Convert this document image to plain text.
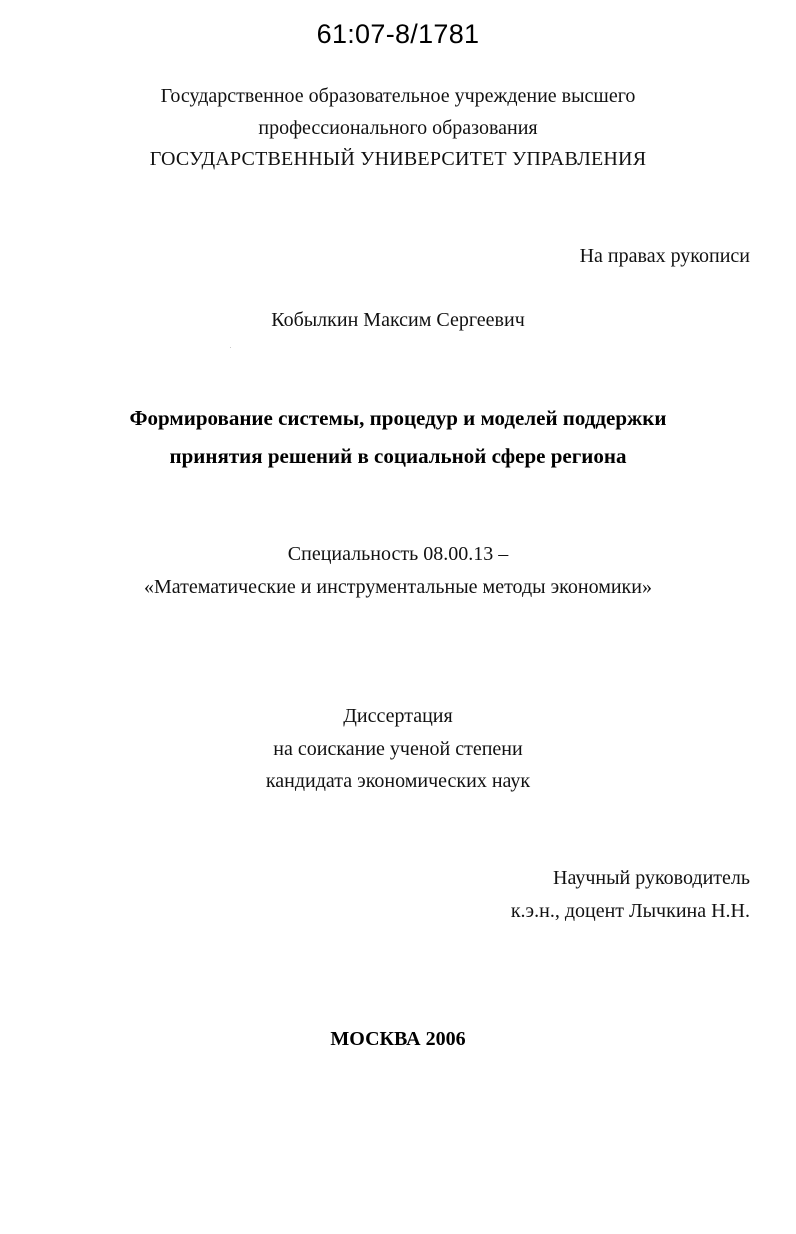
61:07-8/1781
Государственное образовательное учреждение высшего
профессионального образования
ГОСУДАРСТВЕННЫЙ УНИВЕРСИТЕТ УПРАВЛЕНИЯ
На правах рукописи
Кобылкин Максим Сергеевич
Формирование системы, процедур и моделей поддержки
принятия решений в социальной сфере региона
Специальность 08.00.13 –
«Математические и инструментальные методы экономики»
Диссертация
на соискание ученой степени
кандидата экономических наук
Научный руководитель
к.э.н., доцент Лычкина Н.Н.
МОСКВА 2006
